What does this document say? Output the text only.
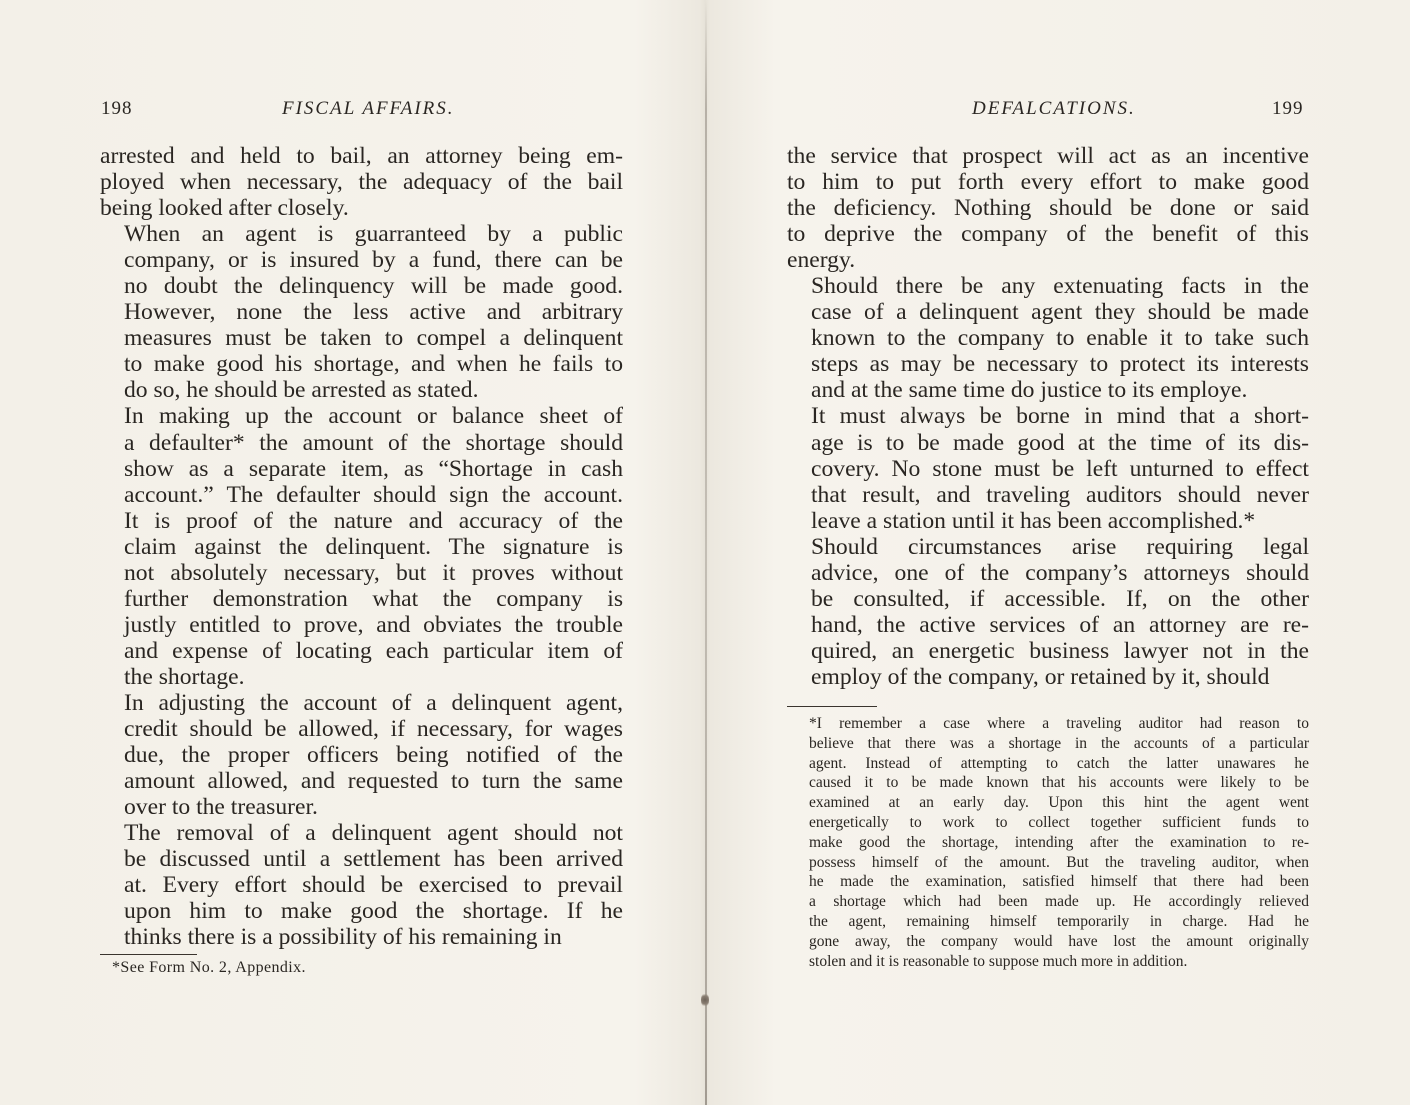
198	FISCAL AFFAIRS.

arrested and held to bail, an attorney being em-
ployed when necessary, the adequacy of the bail
being looked after closely.

When an agent is guarranteed by a public
company, or is insured by a fund, there can be
no doubt the delinquency will be made good.
However, none the less active and arbitrary
measures must be taken to compel a delinquent
to make good his shortage, and when he fails to
do so, he should be arrested as stated.

In making up the account or balance sheet of
a defaulter* the amount of the shortage should
show as a separate item, as “Shortage in cash
account.” The defaulter should sign the account.
It is proof of the nature and accuracy of the
claim against the delinquent. The signature is
not absolutely necessary, but it proves without
further demonstration what the company is
justly entitled to prove, and obviates the trouble
and expense of locating each particular item of
the shortage.

In adjusting the account of a delinquent agent,
credit should be allowed, if necessary, for wages
due, the proper officers being notified of the
amount allowed, and requested to turn the same
over to the treasurer.

The removal of a delinquent agent should not
be discussed until a settlement has been arrived
at. Every effort should be exercised to prevail
upon him to make good the shortage. If he
thinks there is a possibility of his remaining in

*See Form No. 2, Appendix.
DEFALCATIONS.	199

the service that prospect will act as an incentive
to him to put forth every effort to make good
the deficiency. Nothing should be done or said
to deprive the company of the benefit of this
energy.

Should there be any extenuating facts in the
case of a delinquent agent they should be made
known to the company to enable it to take such
steps as may be necessary to protect its interests
and at the same time do justice to its employe.

It must always be borne in mind that a short-
age is to be made good at the time of its dis-
covery. No stone must be left unturned to effect
that result, and traveling auditors should never
leave a station until it has been accomplished.*

Should circumstances arise requiring legal
advice, one of the company’s attorneys should
be consulted, if accessible. If, on the other
hand, the active services of an attorney are re-
quired, an energetic business lawyer not in the
employ of the company, or retained by it, should

*I remember a case where a traveling auditor had reason to
believe that there was a shortage in the accounts of a particular
agent. Instead of attempting to catch the latter unawares he
caused it to be made known that his accounts were likely to be
examined at an early day. Upon this hint the agent went
energetically to work to collect together sufficient funds to
make good the shortage, intending after the examination to re-
possess himself of the amount. But the traveling auditor, when
he made the examination, satisfied himself that there had been
a shortage which had been made up. He accordingly relieved
the agent, remaining himself temporarily in charge. Had he
gone away, the company would have lost the amount originally
stolen and it is reasonable to suppose much more in addition.
